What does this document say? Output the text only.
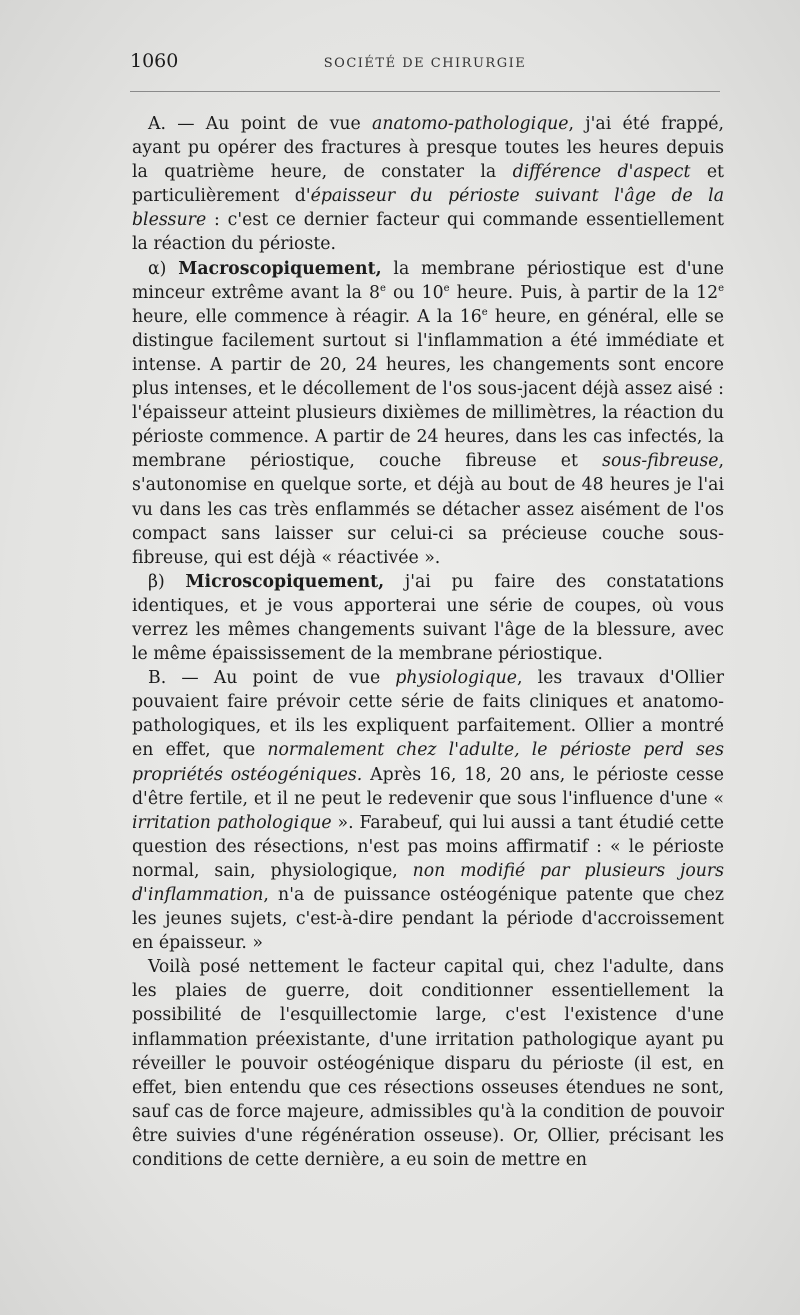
1060	SOCIÉTÉ DE CHIRURGIE

A. — Au point de vue anatomo-pathologique, j'ai été frappé, ayant pu opérer des fractures à presque toutes les heures depuis la quatrième heure, de constater la différence d'aspect et particulièrement d'épaisseur du périoste suivant l'âge de la blessure : c'est ce dernier facteur qui commande essentiellement la réaction du périoste.

α) Macroscopiquement, la membrane périostique est d'une minceur extrême avant la 8e ou 10e heure. Puis, à partir de la 12e heure, elle commence à réagir. A la 16e heure, en général, elle se distingue facilement surtout si l'inflammation a été immédiate et intense. A partir de 20, 24 heures, les changements sont encore plus intenses, et le décollement de l'os sous-jacent déjà assez aisé : l'épaisseur atteint plusieurs dixièmes de millimètres, la réaction du périoste commence. A partir de 24 heures, dans les cas infectés, la membrane périostique, couche fibreuse et sous-fibreuse, s'autonomise en quelque sorte, et déjà au bout de 48 heures je l'ai vu dans les cas très enflammés se détacher assez aisément de l'os compact sans laisser sur celui-ci sa précieuse couche sous-fibreuse, qui est déjà « réactivée ».

β) Microscopiquement, j'ai pu faire des constatations identiques, et je vous apporterai une série de coupes, où vous verrez les mêmes changements suivant l'âge de la blessure, avec le même épaississement de la membrane périostique.

B. — Au point de vue physiologique, les travaux d'Ollier pouvaient faire prévoir cette série de faits cliniques et anatomo-pathologiques, et ils les expliquent parfaitement. Ollier a montré en effet, que normalement chez l'adulte, le périoste perd ses propriétés ostéogéniques. Après 16, 18, 20 ans, le périoste cesse d'être fertile, et il ne peut le redevenir que sous l'influence d'une « irritation pathologique ». Farabeuf, qui lui aussi a tant étudié cette question des résections, n'est pas moins affirmatif : « le périoste normal, sain, physiologique, non modifié par plusieurs jours d'inflammation, n'a de puissance ostéogénique patente que chez les jeunes sujets, c'est-à-dire pendant la période d'accroissement en épaisseur. »

Voilà posé nettement le facteur capital qui, chez l'adulte, dans les plaies de guerre, doit conditionner essentiellement la possibilité de l'esquillectomie large, c'est l'existence d'une inflammation préexistante, d'une irritation pathologique ayant pu réveiller le pouvoir ostéogénique disparu du périoste (il est, en effet, bien entendu que ces résections osseuses étendues ne sont, sauf cas de force majeure, admissibles qu'à la condition de pouvoir être suivies d'une régénération osseuse). Or, Ollier, précisant les conditions de cette dernière, a eu soin de mettre en
